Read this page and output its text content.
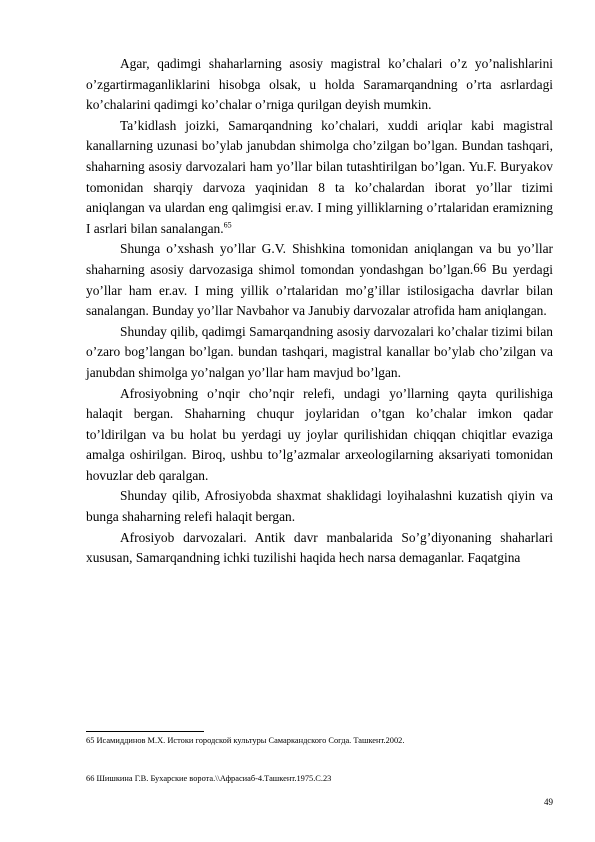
Agar, qadimgi shaharlarning asosiy magistral ko’chalari o’z yo’nalishlarini o’zgartirmaganliklarini hisobga olsak, u holda Saramarqandning o’rta asrlardagi ko’chalarini qadimgi ko’chalar o’rniga qurilgan deyish mumkin.

Ta’kidlash joizki, Samarqandning ko’chalari, xuddi ariqlar kabi magistral kanallarning uzunasi bo’ylab janubdan shimolga cho’zilgan bo’lgan. Bundan tashqari, shaharning asosiy darvozalari ham yo’llar bilan tutashtirilgan bo’lgan. Yu.F. Buryakov tomonidan sharqiy darvoza yaqinidan 8 ta ko’chalardan iborat yo’llar tizimi aniqlangan va ulardan eng qalimgisi er.av. I ming yilliklarning o’rtalaridan eramizning I asrlari bilan sanalangan.$^{65}$

Shunga o’xshash yo’llar G.V. Shishkina tomonidan aniqlangan va bu yo’llar shaharning asosiy darvozasiga shimol tomondan yondashgan bo’lgan.66 Bu yerdagi yo’llar ham er.av. I ming yillik o’rtalaridan mo’g’illar istilosigacha davrlar bilan sanalangan. Bunday yo’llar Navbahor va Janubiy darvozalar atrofida ham aniqlangan.

Shunday qilib, qadimgi Samarqandning asosiy darvozalari ko’chalar tizimi bilan o’zaro bog’langan bo’lgan. bundan tashqari, magistral kanallar bo’ylab cho’zilgan va janubdan shimolga yo’nalgan yo’llar ham mavjud bo’lgan.

Afrosiyobning o’nqir cho’nqir relefi, undagi yo’llarning qayta qurilishiga halaqit bergan. Shaharning chuqur joylaridan o’tgan ko’chalar imkon qadar to’ldirilgan va bu holat bu yerdagi uy joylar qurilishidan chiqqan chiqitlar evaziga amalga oshirilgan. Biroq, ushbu to’lg’azmalar arxeologilarning aksariyati tomonidan hovuzlar deb qaralgan.

Shunday qilib, Afrosiyobda shaxmat shaklidagi loyihalashni kuzatish qiyin va bunga shaharning relefi halaqit bergan.

Afrosiyob darvozalari. Antik davr manbalarida So’g’diyonaning shaharlari xususan, Samarqandning ichki tuzilishi haqida hech narsa demaganlar. Faqatgina

65 Исамиддинов М.Х. Истоки городской культуры Самаркандского Согда. Ташкент.2002.
66 Шишкина Г.В. Бухарские ворота.\\Афрасиаб-4.Ташкент.1975.С.23
49
